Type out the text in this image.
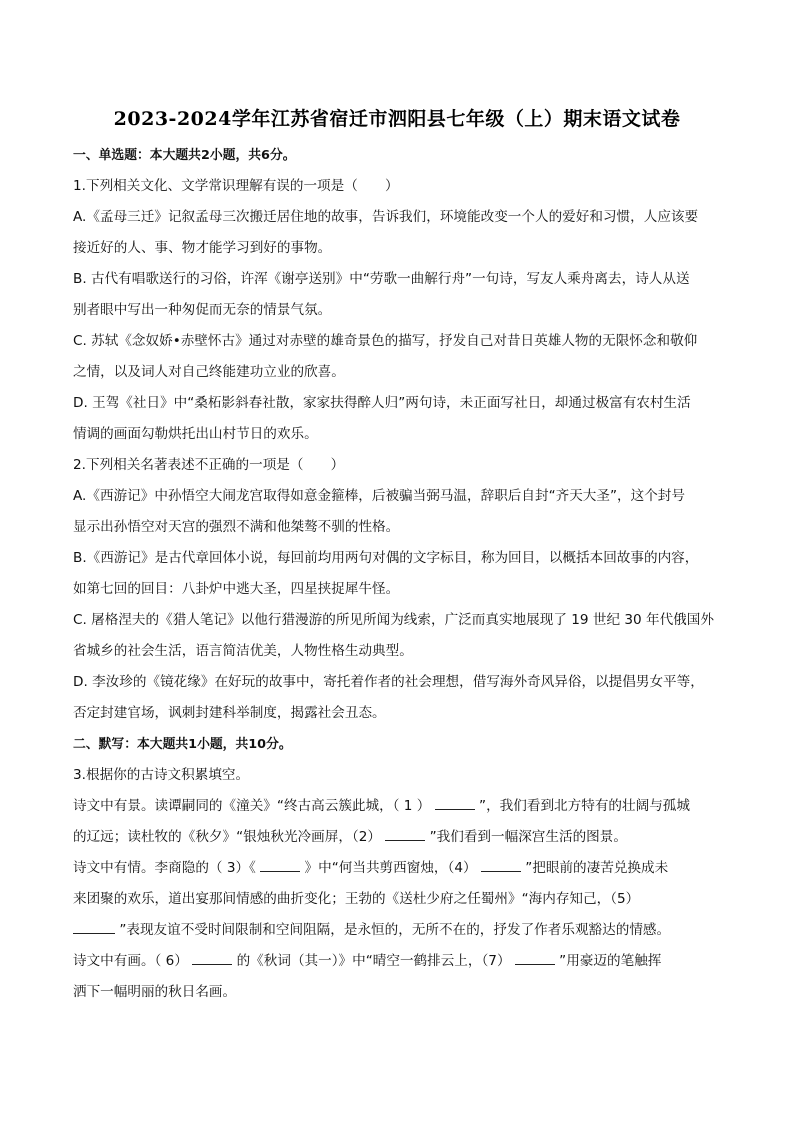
2023-2024学年江苏省宿迁市泗阳县七年级（上）期末语文试卷
一、单选题：本大题共2小题，共6分。
1.下列相关文化、文学常识理解有误的一项是（　　）
A.《孟母三迁》记叙孟母三次搬迁居住地的故事，告诉我们，环境能改变一个人的爱好和习惯，人应该要
接近好的人、事、物才能学习到好的事物。
B. 古代有唱歌送行的习俗，许浑《谢亭送别》中“劳歌一曲解行舟”一句诗，写友人乘舟离去，诗人从送
别者眼中写出一种匆促而无奈的情景气氛。
C. 苏轼《念奴娇•赤壁怀古》通过对赤壁的雄奇景色的描写，抒发自己对昔日英雄人物的无限怀念和敬仰
之情，以及词人对自己终能建功立业的欣喜。
D. 王驾《社日》中“桑柘影斜春社散，家家扶得醉人归”两句诗，未正面写社日，却通过极富有农村生活
情调的画面勾勒烘托出山村节日的欢乐。
2.下列相关名著表述不正确的一项是（　　）
A.《西游记》中孙悟空大闹龙宫取得如意金箍棒，后被骗当弼马温，辞职后自封“齐天大圣”，这个封号
显示出孙悟空对天宫的强烈不满和他桀骜不驯的性格。
B.《西游记》是古代章回体小说，每回前均用两句对偶的文字标目，称为回目，以概括本回故事的内容，
如第七回的回目：八卦炉中逃大圣，四星挟捉犀牛怪。
C. 屠格涅夫的《猎人笔记》以他行猎漫游的所见所闻为线索，广泛而真实地展现了 19 世纪 30 年代俄国外
省城乡的社会生活，语言简洁优美，人物性格生动典型。
D. 李汝珍的《镜花缘》在好玩的故事中，寄托着作者的社会理想，借写海外奇风异俗，以提倡男女平等，
否定封建官场，讽刺封建科举制度，揭露社会丑态。
二、默写：本大题共1小题，共10分。
3.根据你的古诗文积累填空。
诗文中有景。读谭嗣同的《潼关》“终古高云簇此城，（ 1 ）	”，我们看到北方特有的壮阔与孤城
的辽远；读杜牧的《秋夕》“银烛秋光冷画屏，（2）	”我们看到一幅深宫生活的图景。
诗文中有情。李商隐的（ 3）《	》中“何当共剪西窗烛，（4）	”把眼前的凄苦兑换成未
来团聚的欢乐，道出宴那间情感的曲折变化；王勃的《送杜少府之任蜀州》“海内存知己，（5）
”表现友谊不受时间限制和空间阻隔，是永恒的，无所不在的，抒发了作者乐观豁达的情感。
诗文中有画。（ 6）	的《秋词（其一）》中“晴空一鹤排云上，（7）	”用豪迈的笔触挥
洒下一幅明丽的秋日名画。
